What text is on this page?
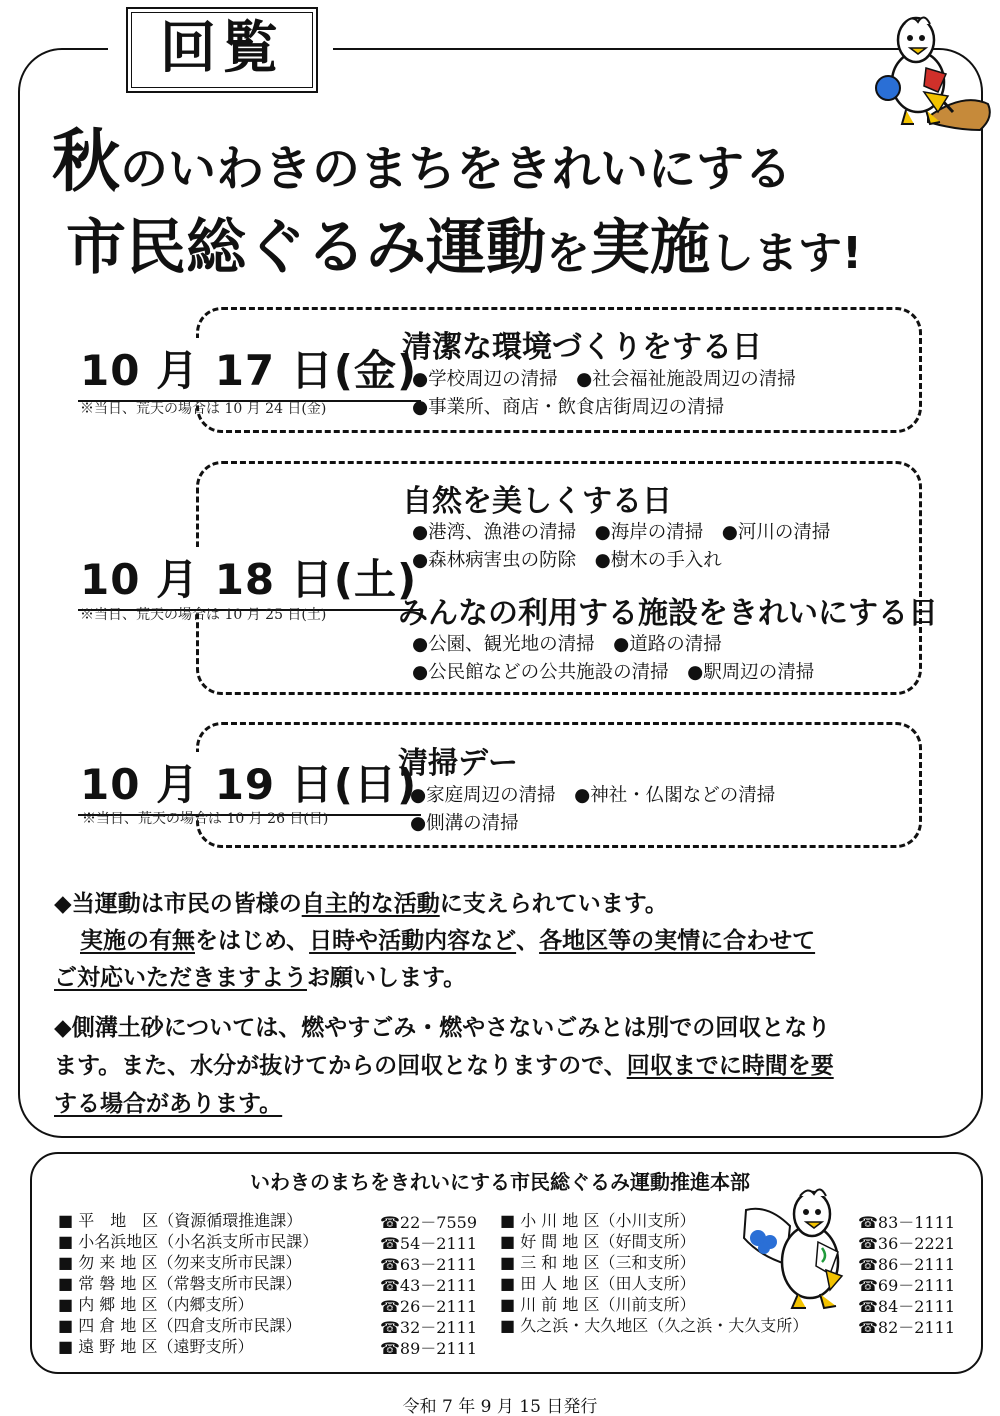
回覧
秋のいわきのまちをきれいにする
市民総ぐるみ運動を実施します!
10 月 17 日(金)
※当日、荒天の場合は 10 月 24 日(金)
清潔な環境づくりをする日
●学校周辺の清掃　●社会福祉施設周辺の清掃
●事業所、商店・飲食店街周辺の清掃
10 月 18 日(土)
※当日、荒天の場合は 10 月 25 日(土)
自然を美しくする日
●港湾、漁港の清掃　●海岸の清掃　●河川の清掃
●森林病害虫の防除　●樹木の手入れ
みんなの利用する施設をきれいにする日
●公園、観光地の清掃　●道路の清掃
●公民館などの公共施設の清掃　●駅周辺の清掃
10 月 19 日(日)
※当日、荒天の場合は 10 月 26 日(日)
清掃デー
●家庭周辺の清掃　●神社・仏閣などの清掃
●側溝の清掃
◆当運動は市民の皆様の自主的な活動に支えられています。
実施の有無をはじめ、日時や活動内容など、各地区等の実情に合わせて
ご対応いただきますようお願いします。
◆側溝土砂については、燃やすごみ・燃やさないごみとは別での回収となり
ます。また、水分が抜けてからの回収となりますので、回収までに時間を要
する場合があります。
いわきのまちをきれいにする市民総ぐるみ運動推進本部
■ 平　地　区（資源循環推進課）	☎22－7559
■ 小名浜地区（小名浜支所市民課）	☎54－2111
■ 勿 来 地 区（勿来支所市民課）	☎63－2111
■ 常 磐 地 区（常磐支所市民課）	☎43－2111
■ 内 郷 地 区（内郷支所）	☎26－2111
■ 四 倉 地 区（四倉支所市民課）	☎32－2111
■ 遠 野 地 区（遠野支所）	☎89－2111
■ 小 川 地 区（小川支所）	☎83－1111
■ 好 間 地 区（好間支所）	☎36－2221
■ 三 和 地 区（三和支所）	☎86－2111
■ 田 人 地 区（田人支所）	☎69－2111
■ 川 前 地 区（川前支所）	☎84－2111
■ 久之浜・大久地区（久之浜・大久支所）	☎82－2111
令和 7 年 9 月 15 日発行
